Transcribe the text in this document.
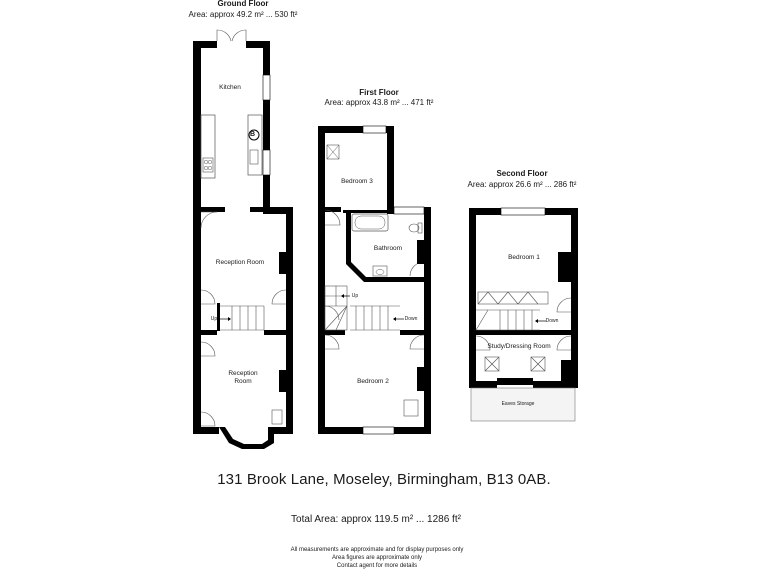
Ground Floor
Area: approx 49.2 m² ... 530 ft²
Kitchen
Reception Room
Reception
Room
Up
B
First Floor
Area: approx 43.8 m² ... 471 ft²
Bedroom 3
Bathroom
Bedroom 2
Up
Down
Second Floor
Area: approx 26.6 m² ... 286 ft²
Bedroom 1
Study/Dressing Room
Eaves Storage
Down
131 Brook Lane, Moseley, Birmingham, B13 0AB.
Total Area: approx 119.5 m² ... 1286 ft²
All measurements are approximate and for display purposes only
Area figures are approximate only
Contact agent for more details
